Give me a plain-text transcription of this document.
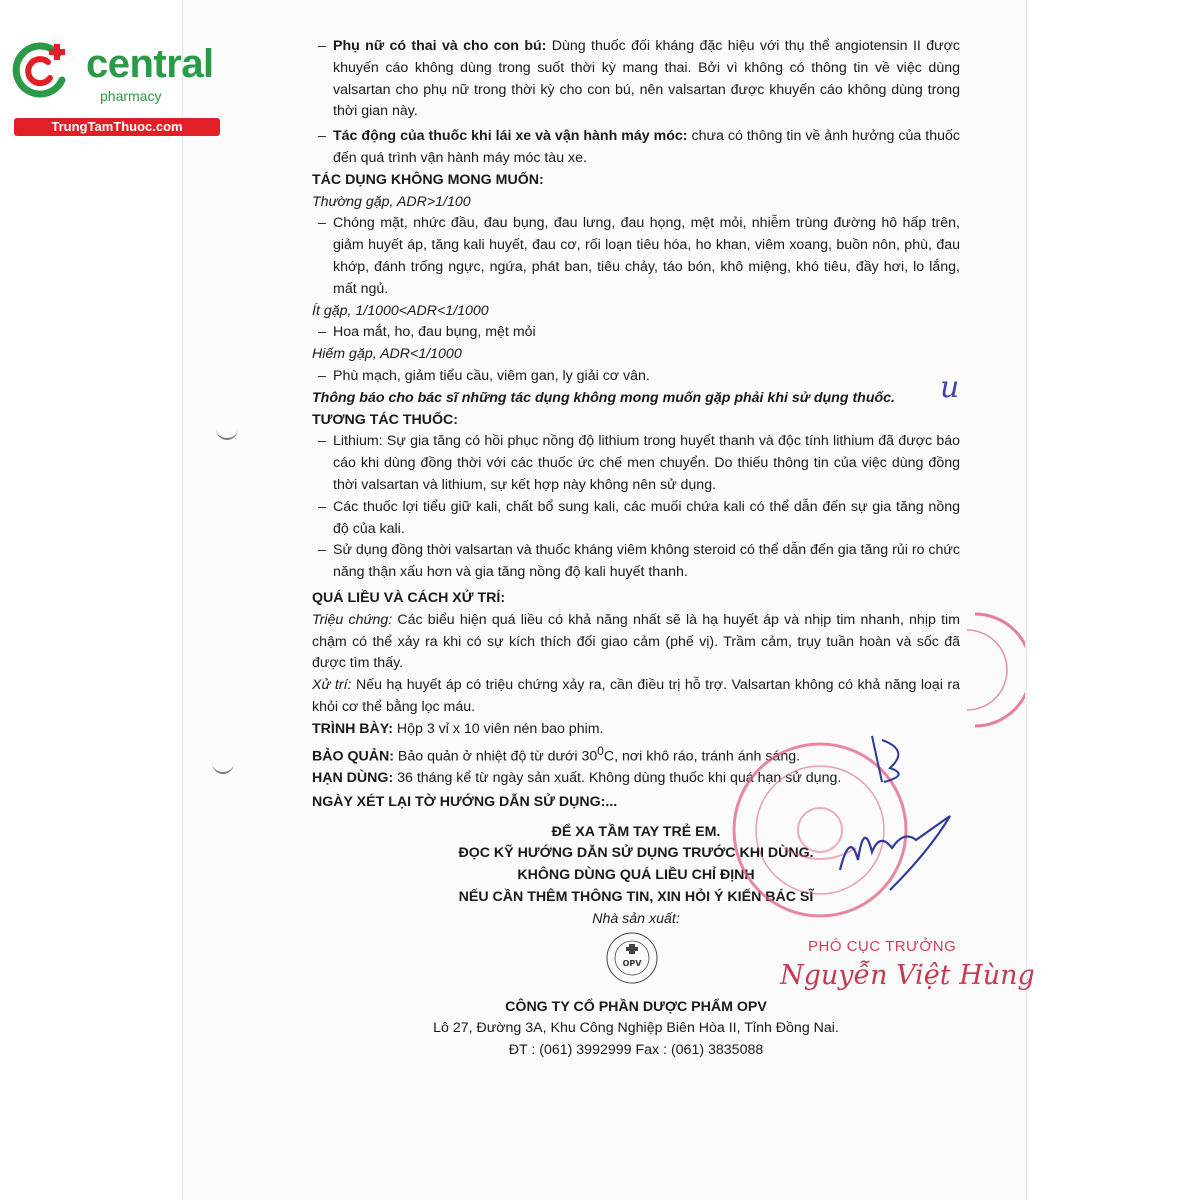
central
pharmacy
TrungTamThuoc.com

– Phụ nữ có thai và cho con bú: Dùng thuốc đối kháng đặc hiệu với thụ thể angiotensin II được khuyến cáo không dùng trong suốt thời kỳ mang thai. Bởi vì không có thông tin về việc dùng valsartan cho phụ nữ trong thời kỳ cho con bú, nên valsartan được khuyến cáo không dùng trong thời gian này.

– Tác động của thuốc khi lái xe và vận hành máy móc: chưa có thông tin về ảnh hưởng của thuốc đến quá trình vận hành máy móc tàu xe.

TÁC DỤNG KHÔNG MONG MUỐN:

Thường gặp, ADR>1/100

– Chóng mặt, nhức đầu, đau bụng, đau lưng, đau họng, mệt mỏi, nhiễm trùng đường hô hấp trên, giảm huyết áp, tăng kali huyết, đau cơ, rối loạn tiêu hóa, ho khan, viêm xoang, buồn nôn, phù, đau khớp, đánh trống ngực, ngứa, phát ban, tiêu chảy, táo bón, khô miệng, khó tiêu, đầy hơi, lo lắng, mất ngủ.

Ít gặp, 1/1000<ADR<1/1000

– Hoa mắt, ho, đau bụng, mệt mỏi

Hiếm gặp, ADR<1/1000

– Phù mạch, giảm tiểu cầu, viêm gan, ly giải cơ vân.

Thông báo cho bác sĩ những tác dụng không mong muốn gặp phải khi sử dụng thuốc.

TƯƠNG TÁC THUỐC:

– Lithium: Sự gia tăng có hồi phục nồng độ lithium trong huyết thanh và độc tính lithium đã được báo cáo khi dùng đồng thời với các thuốc ức chế men chuyển. Do thiếu thông tin của việc dùng đồng thời valsartan và lithium, sự kết hợp này không nên sử dụng.

– Các thuốc lợi tiểu giữ kali, chất bổ sung kali, các muối chứa kali có thể dẫn đến sự gia tăng nồng độ của kali.

– Sử dụng đồng thời valsartan và thuốc kháng viêm không steroid có thể dẫn đến gia tăng rủi ro chức năng thận xấu hơn và gia tăng nồng độ kali huyết thanh.

QUÁ LIỀU VÀ CÁCH XỬ TRÍ:

Triệu chứng: Các biểu hiện quá liều có khả năng nhất sẽ là hạ huyết áp và nhịp tim nhanh, nhịp tim chậm có thể xảy ra khi có sự kích thích đối giao cảm (phế vị). Trầm cảm, trụy tuần hoàn và sốc đã được tìm thấy.

Xử trí: Nếu hạ huyết áp có triệu chứng xảy ra, cần điều trị hỗ trợ. Valsartan không có khả năng loại ra khỏi cơ thể bằng lọc máu.

TRÌNH BÀY: Hộp 3 vỉ x 10 viên nén bao phim.

BẢO QUẢN: Bảo quản ở nhiệt độ từ dưới $30^0C$, nơi khô ráo, tránh ánh sáng.

HẠN DÙNG: 36 tháng kể từ ngày sản xuất. Không dùng thuốc khi quá hạn sử dụng.

NGÀY XÉT LẠI TỜ HƯỚNG DẪN SỬ DỤNG:...

ĐỂ XA TẦM TAY TRẺ EM.

ĐỌC KỸ HƯỚNG DẪN SỬ DỤNG TRƯỚC KHI DÙNG.

KHÔNG DÙNG QUÁ LIỀU CHỈ ĐỊNH

NẾU CẦN THÊM THÔNG TIN, XIN HỎI Ý KIẾN BÁC SĨ

Nhà sản xuất:

CÔNG TY CỔ PHẦN DƯỢC PHẨM OPV

Lô 27, Đường 3A, Khu Công Nghiệp Biên Hòa II, Tỉnh Đồng Nai.

ĐT : (061) 3992999 Fax : (061) 3835088

OPV
u
PHÓ CỤC TRƯỞNG
Nguyễn Việt Hùng
